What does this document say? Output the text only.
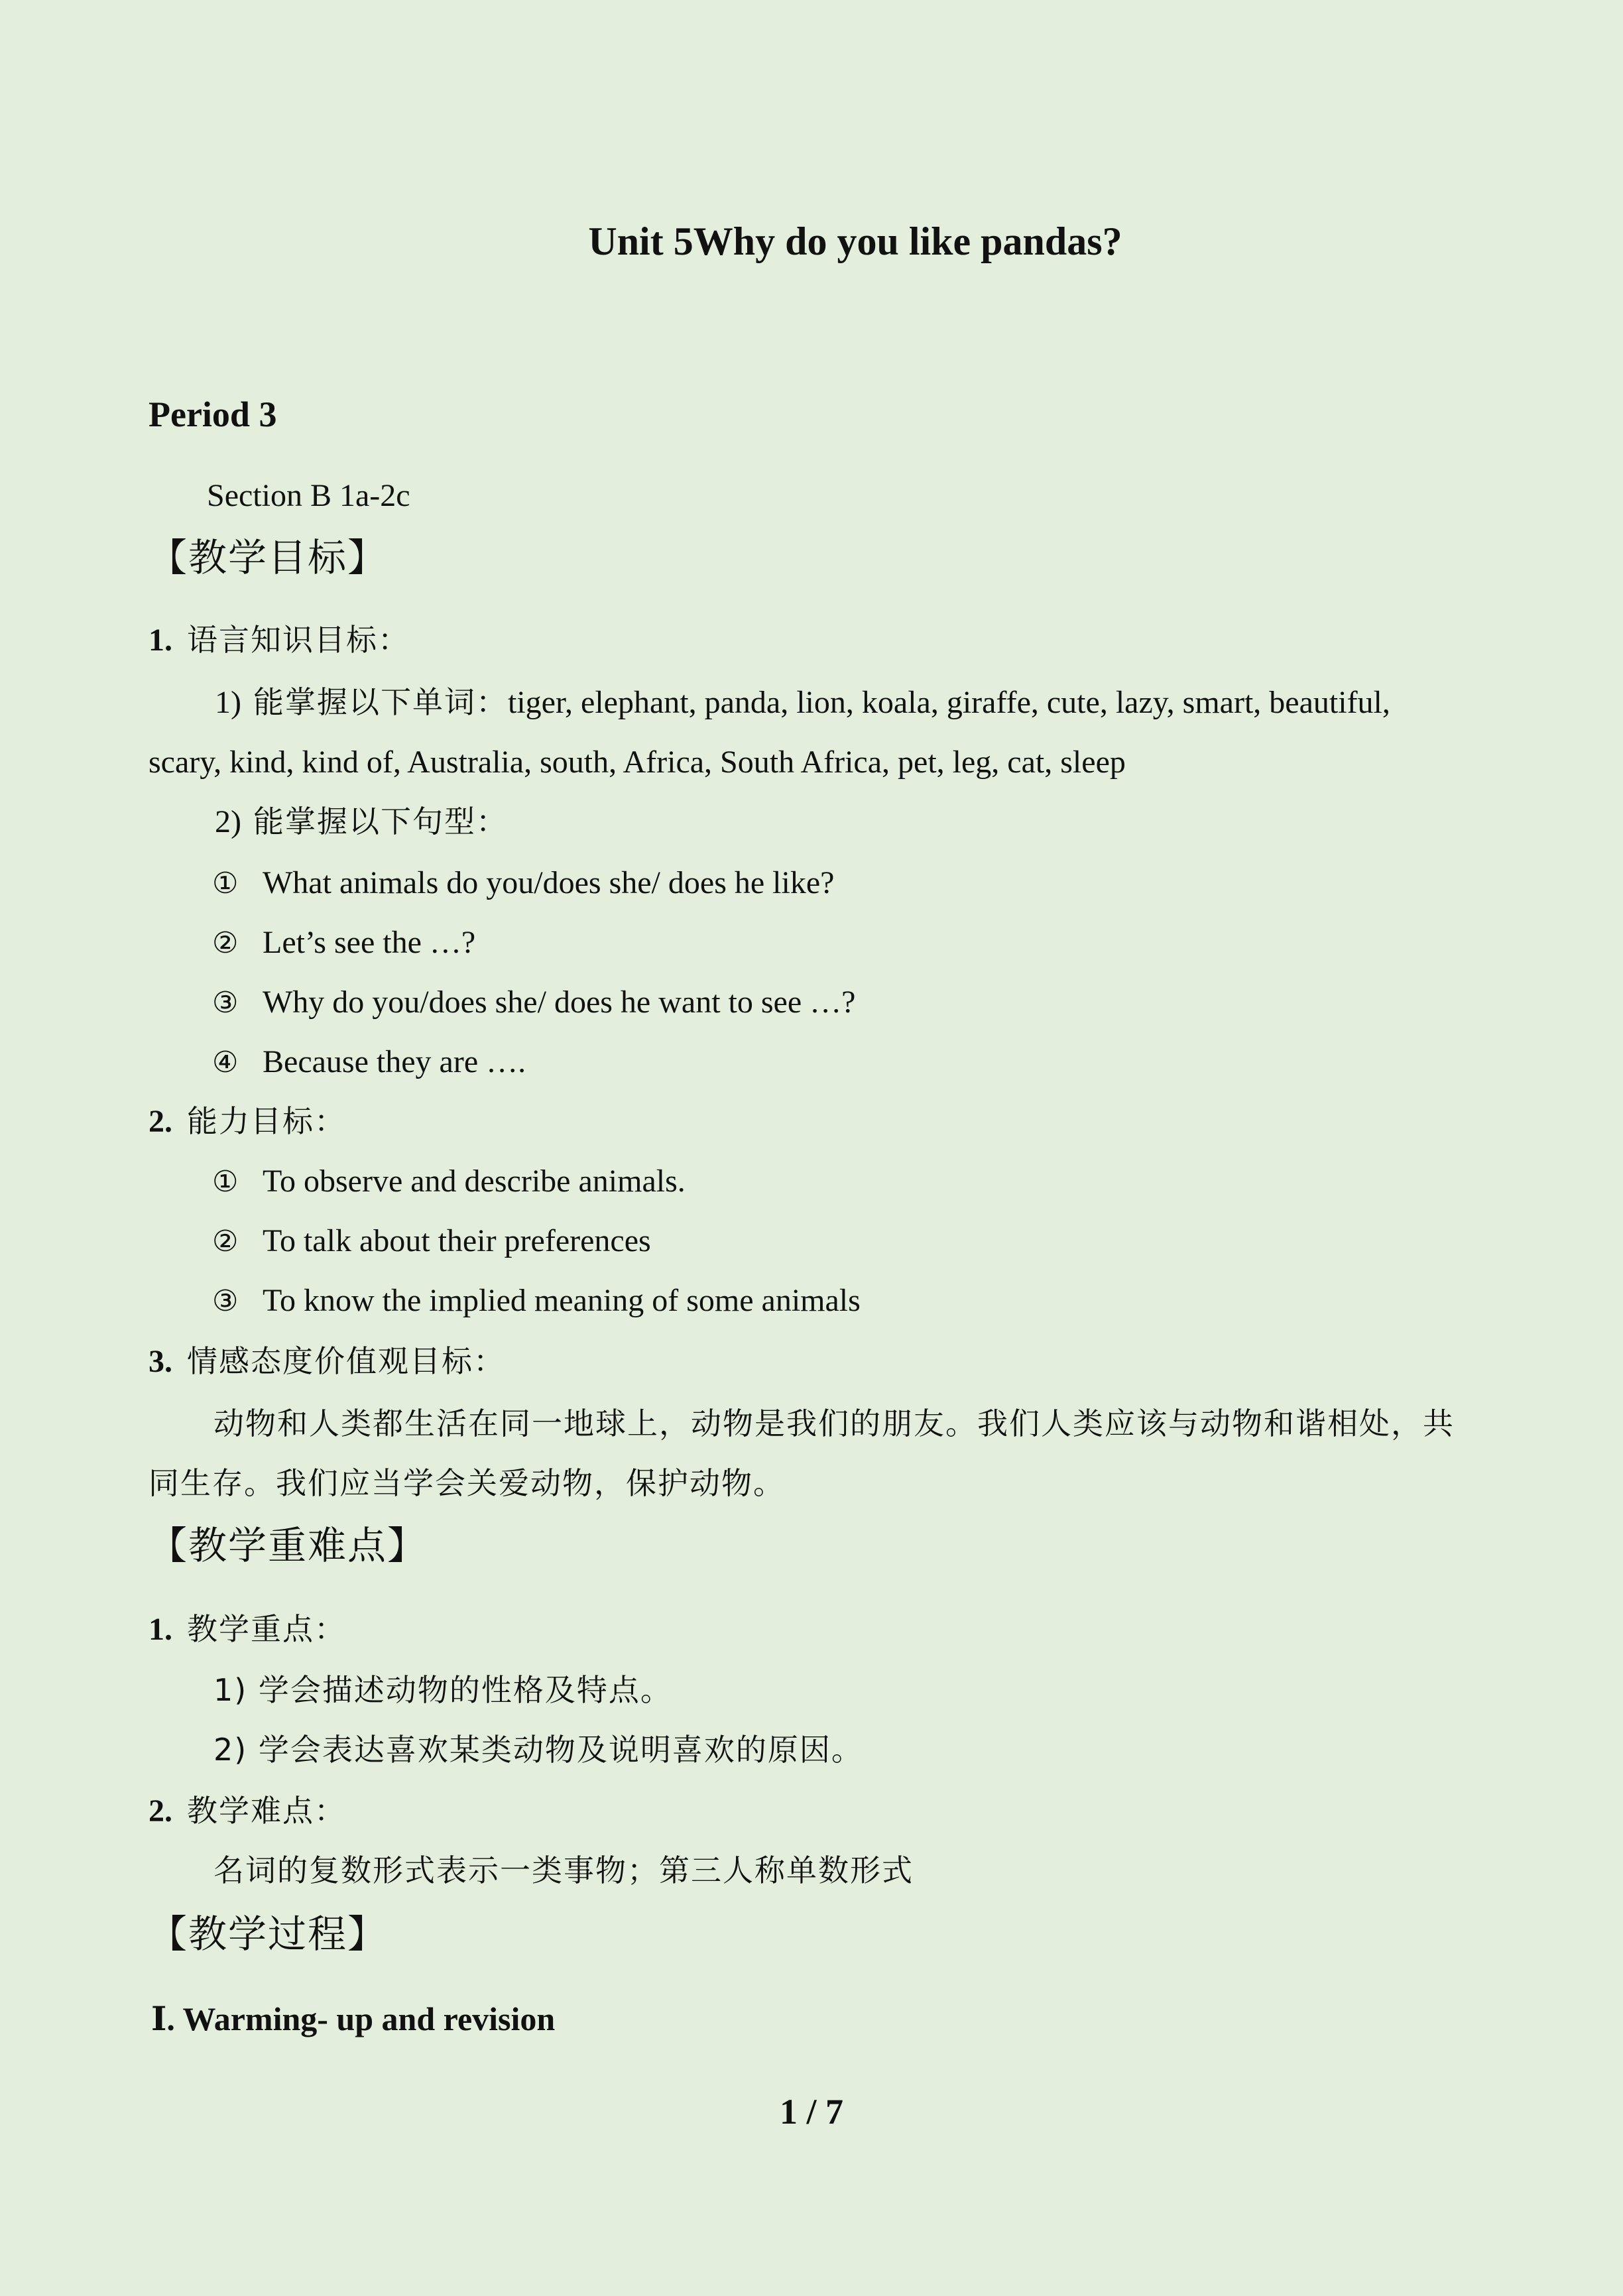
Unit 5Why do you like pandas?
Period 3
Section B 1a-2c
【教学目标】
1. 语言知识目标：
1) 能掌握以下单词：tiger, elephant, panda, lion, koala, giraffe, cute, lazy, smart, beautiful,
scary, kind, kind of, Australia, south, Africa, South Africa, pet, leg, cat, sleep
2) 能掌握以下句型：
① What animals do you/does she/ does he like?
② Let’s see the …?
③ Why do you/does she/ does he want to see …?
④ Because they are ….
2. 能力目标：
① To observe and describe animals.
② To talk about their preferences
③ To know the implied meaning of some animals
3. 情感态度价值观目标：
动物和人类都生活在同一地球上，动物是我们的朋友。我们人类应该与动物和谐相处，共
同生存。我们应当学会关爱动物，保护动物。
【教学重难点】
1. 教学重点：
1) 学会描述动物的性格及特点。
2) 学会表达喜欢某类动物及说明喜欢的原因。
2. 教学难点：
名词的复数形式表示一类事物；第三人称单数形式
【教学过程】
Ⅰ. Warming- up and revision
1 / 7
